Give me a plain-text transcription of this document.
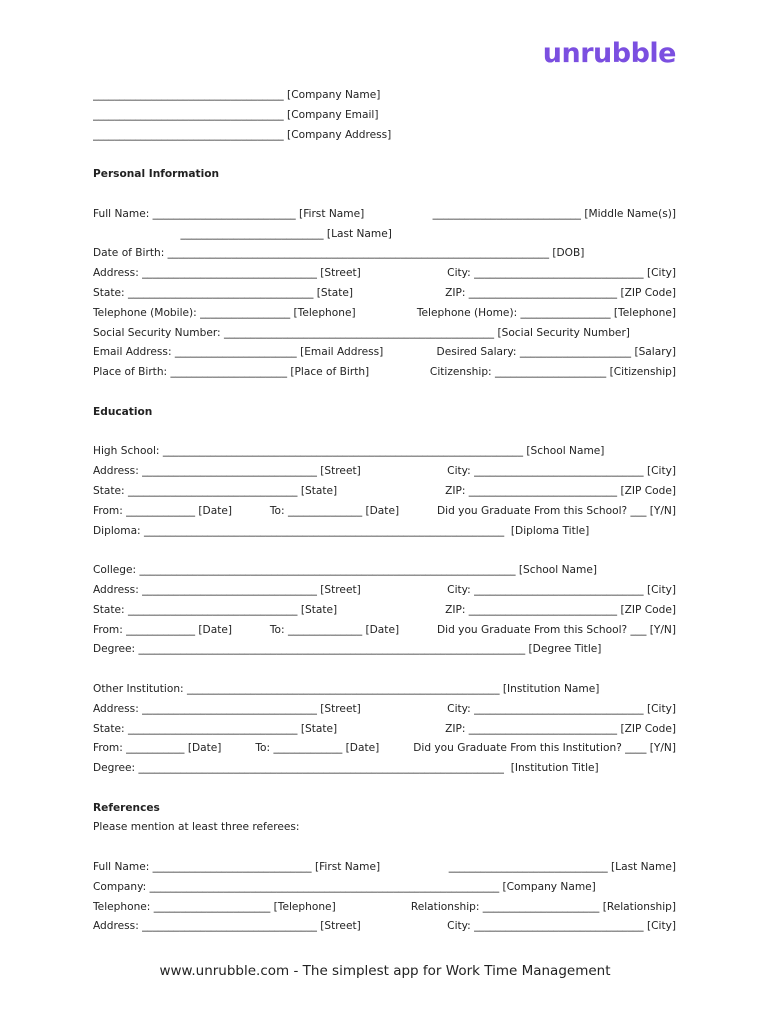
unrubble
____________________________________ [Company Name]
____________________________________ [Company Email]
____________________________________ [Company Address]
Personal Information
Full Name: ___________________________ [First Name]	____________________________ [Middle Name(s)]
___________________________ [Last Name]
Date of Birth: ________________________________________________________________________ [DOB]
Address: _________________________________ [Street]	City: ________________________________ [City]
State: ___________________________________ [State]	ZIP: ____________________________ [ZIP Code]
Telephone (Mobile): _________________ [Telephone]	Telephone (Home): _________________ [Telephone]
Social Security Number: ___________________________________________________ [Social Security Number]
Email Address: _______________________ [Email Address]	Desired Salary: _____________________ [Salary]
Place of Birth: ______________________ [Place of Birth]	Citizenship: _____________________ [Citizenship]
Education
High School: ____________________________________________________________________ [School Name]
Address: _________________________________ [Street]	City: ________________________________ [City]
State: ________________________________ [State]	ZIP: ____________________________ [ZIP Code]
From: _____________ [Date]	To: ______________ [Date]	Did you Graduate From this School? ___ [Y/N]
Diploma: ____________________________________________________________________  [Diploma Title]
College: _______________________________________________________________________ [School Name]
Address: _________________________________ [Street]	City: ________________________________ [City]
State: ________________________________ [State]	ZIP: ____________________________ [ZIP Code]
From: _____________ [Date]	To: ______________ [Date]	Did you Graduate From this School? ___ [Y/N]
Degree: _________________________________________________________________________ [Degree Title]
Other Institution: ___________________________________________________________ [Institution Name]
Address: _________________________________ [Street]	City: ________________________________ [City]
State: ________________________________ [State]	ZIP: ____________________________ [ZIP Code]
From: ___________ [Date]	To: _____________ [Date]	Did you Graduate From this Institution? ____ [Y/N]
Degree: _____________________________________________________________________  [Institution Title]
References
Please mention at least three referees:
Full Name: ______________________________ [First Name]	______________________________ [Last Name]
Company: __________________________________________________________________ [Company Name]
Telephone: ______________________ [Telephone]	Relationship: ______________________ [Relationship]
Address: _________________________________ [Street]	City: ________________________________ [City]
www.unrubble.com - The simplest app for Work Time Management
